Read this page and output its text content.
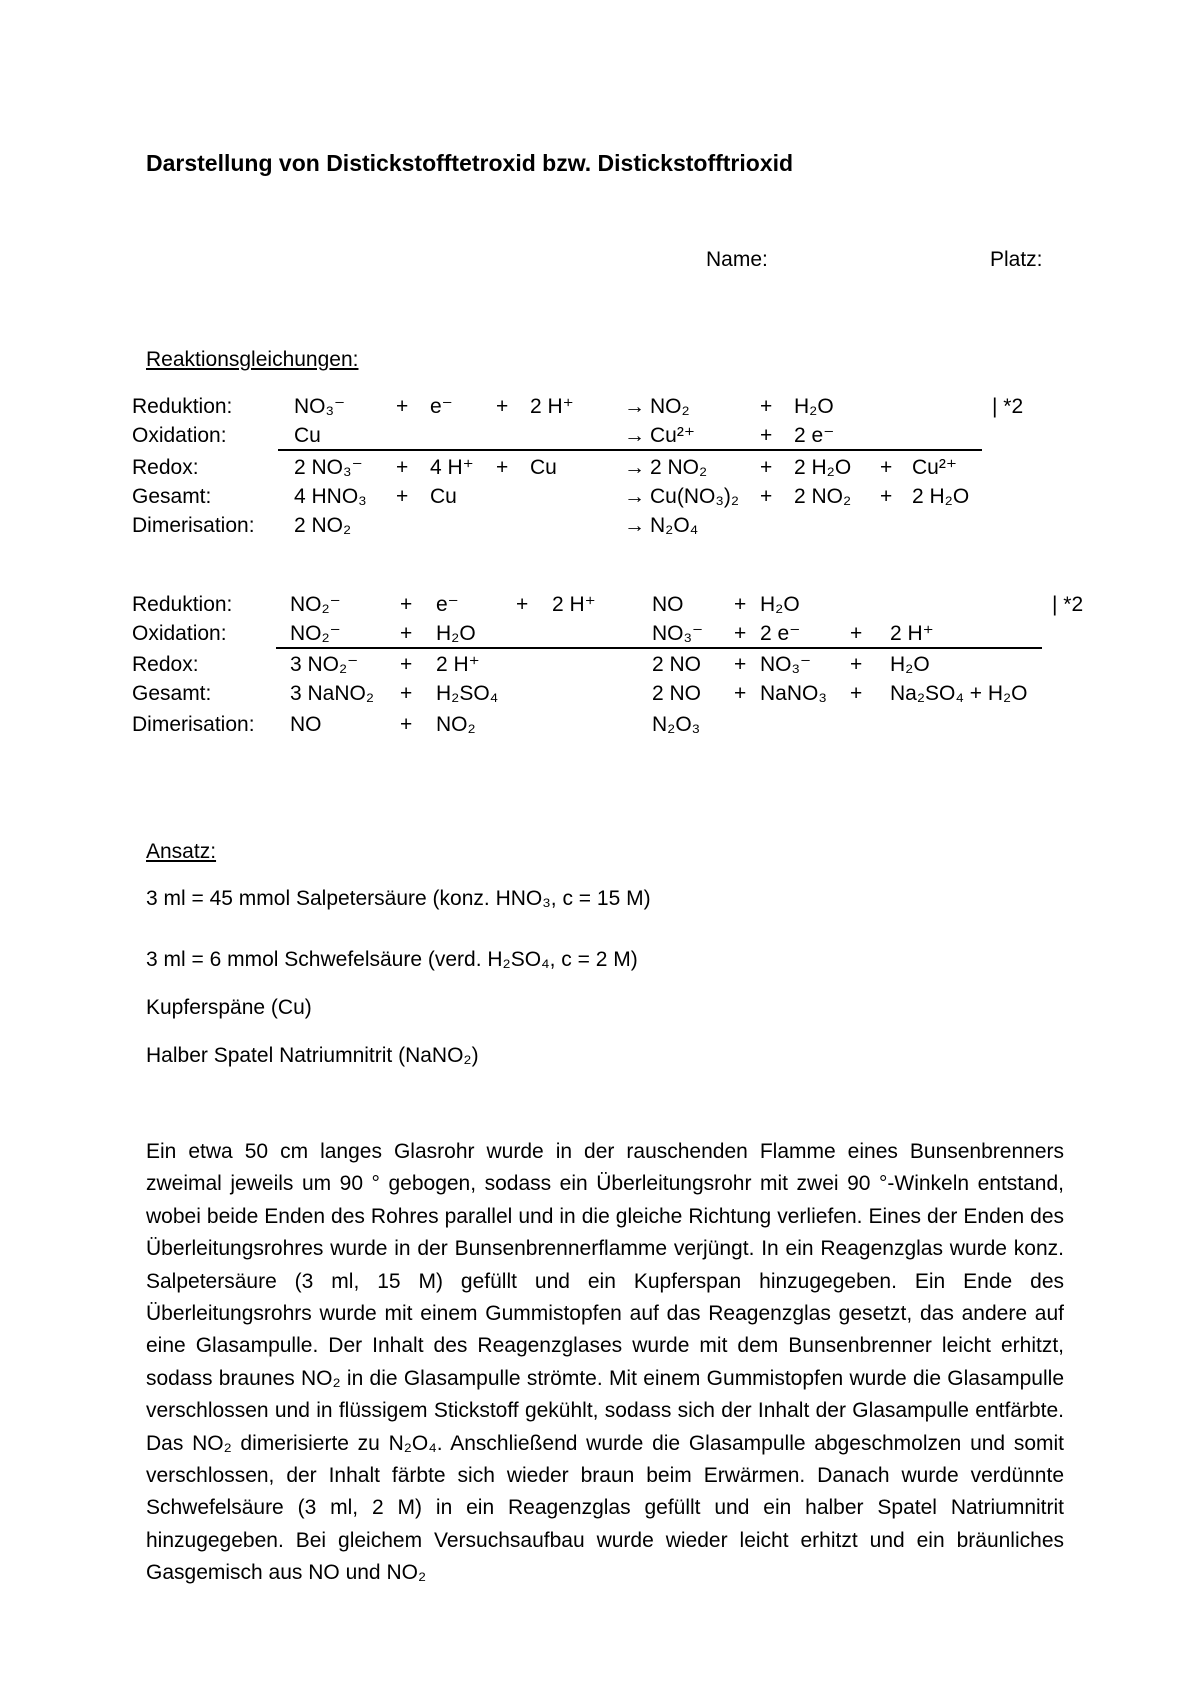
Darstellung von Distickstofftetroxid bzw. Distickstofftrioxid
Name:	Platz:
Reaktionsgleichungen:
Reduktion:	NO₃⁻ + e⁻ + 2 H⁺ → NO₂	+ H₂O	| *2
Oxidation:	Cu	→ Cu²⁺	+ 2 e⁻
Redox:	2 NO₃⁻ + 4 H⁺ + Cu	→ 2 NO₂	+ 2 H₂O + Cu²⁺
Gesamt:	4 HNO₃ + Cu	→ Cu(NO₃)₂ + 2 NO₂ + 2 H₂O
Dimerisation: 2 NO₂	→ N₂O₄
Reduktion:	NO₂⁻	+ e⁻	+ 2 H⁺	NO + H₂O	| *2
Oxidation:	NO₂⁻	+ H₂O	NO₃⁻ + 2 e⁻ + 2 H⁺
Redox:	3 NO₂⁻ + 2 H⁺	2 NO + NO₃⁻ + H₂O
Gesamt:	3 NaNO₂ + H₂SO₄	2 NO + NaNO₃ + Na₂SO₄ + H₂O
Dimerisation: NO	+ NO₂	N₂O₃
Ansatz:
3 ml = 45 mmol Salpetersäure (konz. HNO₃, c = 15 M)
3 ml = 6 mmol Schwefelsäure (verd. H₂SO₄, c = 2 M)
Kupferspäne (Cu)
Halber Spatel Natriumnitrit (NaNO₂)

Ein etwa 50 cm langes Glasrohr wurde in der rauschenden Flamme eines Bunsenbrenners zweimal jeweils um 90 ° gebogen, sodass ein Überleitungsrohr mit zwei 90 °-Winkeln entstand, wobei beide Enden des Rohres parallel und in die gleiche Richtung verliefen. Eines der Enden des Überleitungsrohres wurde in der Bunsenbrennerflamme verjüngt. In ein Reagenzglas wurde konz. Salpetersäure (3 ml, 15 M) gefüllt und ein Kupferspan hinzugegeben. Ein Ende des Überleitungsrohrs wurde mit einem Gummistopfen auf das Reagenzglas gesetzt, das andere auf eine Glasampulle. Der Inhalt des Reagenzglases wurde mit dem Bunsenbrenner leicht erhitzt, sodass braunes NO₂ in die Glasampulle strömte. Mit einem Gummistopfen wurde die Glasampulle verschlossen und in flüssigem Stickstoff gekühlt, sodass sich der Inhalt der Glasampulle entfärbte. Das NO₂ dimerisierte zu N₂O₄. Anschließend wurde die Glasampulle abgeschmolzen und somit verschlossen, der Inhalt färbte sich wieder braun beim Erwärmen. Danach wurde verdünnte Schwefelsäure (3 ml, 2 M) in ein Reagenzglas gefüllt und ein halber Spatel Natriumnitrit hinzugegeben. Bei gleichem Versuchsaufbau wurde wieder leicht erhitzt und ein bräunliches Gasgemisch aus NO und NO₂
